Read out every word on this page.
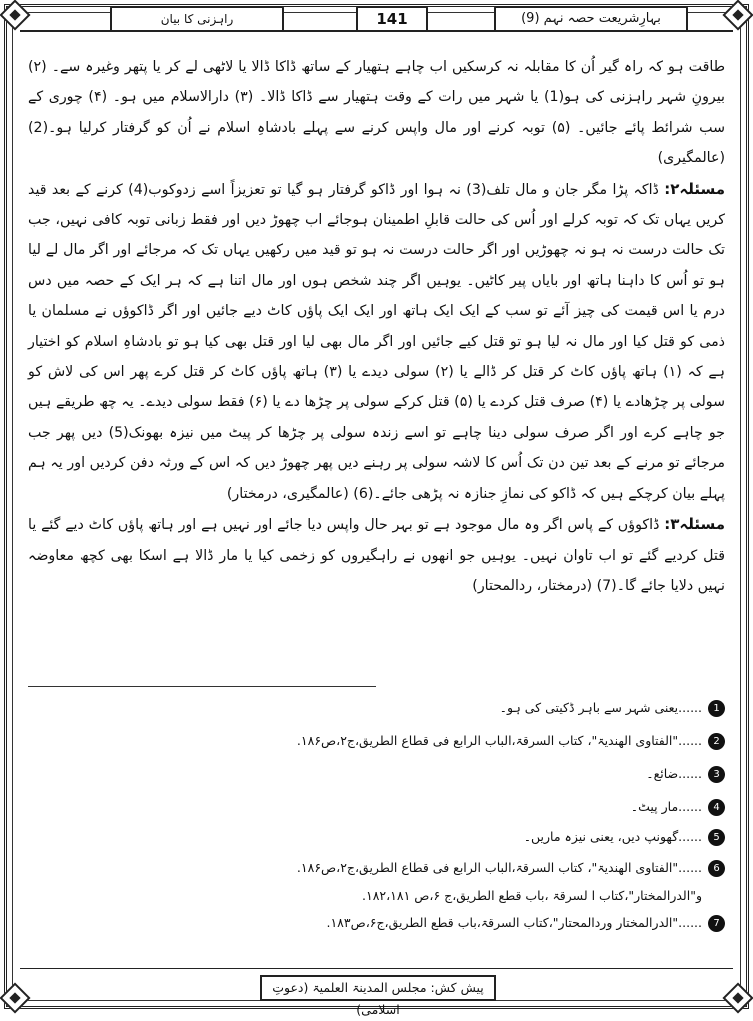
راہزنی کا بیان	141	بہارِشریعت حصہ نہم (9)

طاقت ہو کہ راہ گیر اُن کا مقابلہ نہ کرسکیں اب چاہے ہتھیار کے ساتھ ڈاکا ڈالا یا لاٹھی لے کر یا پتھر وغیرہ سے۔ (۲) بیرونِ شہر راہزنی کی ہو(1) یا شہر میں رات کے وقت ہتھیار سے ڈاکا ڈالا۔ (۳) دارالاسلام میں ہو۔ (۴) چوری کے سب شرائط پائے جائیں۔ (۵) توبہ کرنے اور مال واپس کرنے سے پہلے بادشاہِ اسلام نے اُن کو گرفتار کرلیا ہو۔(2) (عالمگیری)

مسئلہ۲: ڈاکہ پڑا مگر جان و مال تلف(3) نہ ہوا اور ڈاکو گرفتار ہو گیا تو تعزیزاً اسے زدوکوب(4) کرنے کے بعد قید کریں یہاں تک کہ توبہ کرلے اور اُس کی حالت قابلِ اطمینان ہوجائے اب چھوڑ دیں اور فقط زبانی توبہ کافی نہیں، جب تک حالت درست نہ ہو نہ چھوڑیں اور اگر حالت درست نہ ہو تو قید میں رکھیں یہاں تک کہ مرجائے اور اگر مال لے لیا ہو تو اُس کا داہنا ہاتھ اور بایاں پیر کاٹیں۔ یوہیں اگر چند شخص ہوں اور مال اتنا ہے کہ ہر ایک کے حصہ میں دس درم یا اس قیمت کی چیز آئے تو سب کے ایک ایک ہاتھ اور ایک ایک پاؤں کاٹ دیے جائیں اور اگر ڈاکوؤں نے مسلمان یا ذمی کو قتل کیا اور مال نہ لیا ہو تو قتل کیے جائیں اور اگر مال بھی لیا اور قتل بھی کیا ہو تو بادشاہِ اسلام کو اختیار ہے کہ (۱) ہاتھ پاؤں کاٹ کر قتل کر ڈالے یا (۲) سولی دیدے یا (۳) ہاتھ پاؤں کاٹ کر قتل کرے پھر اس کی لاش کو سولی پر چڑھادے یا (۴) صرف قتل کردے یا (۵) قتل کرکے سولی پر چڑھا دے یا (۶) فقط سولی دیدے۔ یہ چھ طریقے ہیں جو چاہے کرے اور اگر صرف سولی دینا چاہے تو اسے زندہ سولی پر چڑھا کر پیٹ میں نیزہ بھونک(5) دیں پھر جب مرجائے تو مرنے کے بعد تین دن تک اُس کا لاشہ سولی پر رہنے دیں پھر چھوڑ دیں کہ اس کے ورثہ دفن کردیں اور یہ ہم پہلے بیان کرچکے ہیں کہ ڈاکو کی نمازِ جنازہ نہ پڑھی جائے۔(6) (عالمگیری، درمختار)

مسئلہ۳: ڈاکوؤں کے پاس اگر وہ مال موجود ہے تو بہر حال واپس دیا جائے اور نہیں ہے اور ہاتھ پاؤں کاٹ دیے گئے یا قتل کردیے گئے تو اب تاوان نہیں۔ یوہیں جو انھوں نے راہگیروں کو زخمی کیا یا مار ڈالا ہے اسکا بھی کچھ معاوضہ نہیں دلایا جائے گا۔(7) (درمختار، ردالمحتار)

1......یعنی شہر سے باہر ڈکیتی کی ہو۔
2......"الفتاوی الھندیۃ"، کتاب السرقۃ،الباب الرابع فی قطاع الطریق،ج۲،ص۱۸۶.
3......ضائع۔
4......مار پیٹ۔
5......گھونپ دیں، یعنی نیزہ ماریں۔
6......"الفتاوی الھندیۃ"، کتاب السرقۃ،الباب الرابع فی قطاع الطریق،ج۲،ص۱۸۶.
و"الدرالمختار"،کتاب ا لسرقۃ ،باب قطع الطریق،ج ۶،ص ۱۸۲،۱۸۱.
7......"الدرالمختار وردالمحتار"،کتاب السرقۃ،باب قطع الطریق،ج۶،ص۱۸۳.
پیش کش: مجلس المدینۃ العلمیۃ (دعوتِ اسلامی)
